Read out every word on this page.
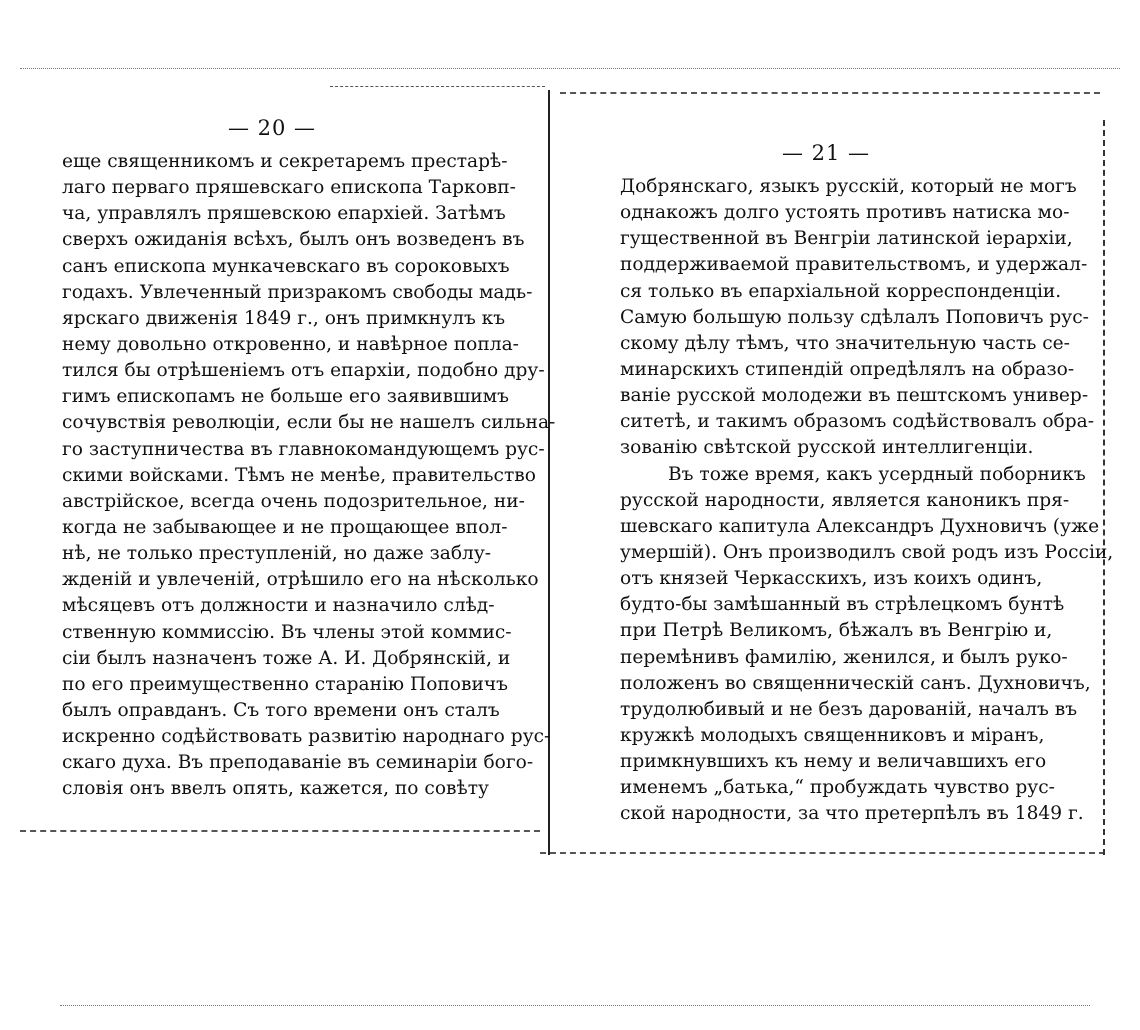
— 20 —
еще священникомъ и секретаремъ престарѣ-
лаго перваго пряшевскаго епископа Тарковп-
ча, управлялъ пряшевскою епархіей. Затѣмъ
сверхъ ожиданія всѣхъ, былъ онъ возведенъ въ
санъ епископа мункачевскаго въ сороковыхъ
годахъ. Увлеченный призракомъ свободы мадь-
ярскаго движенія 1849 г., онъ примкнулъ къ
нему довольно откровенно, и навѣрное попла-
тился бы отрѣшеніемъ отъ епархіи, подобно дру-
гимъ епископамъ не больше его заявившимъ
сочувствія революціи, если бы не нашелъ сильна-
го заступничества въ главнокомандующемъ рус-
скими войсками. Тѣмъ не менѣе, правительство
австрійское, всегда очень подозрительное, ни-
когда не забывающее и не прощающее впол-
нѣ, не только преступленій, но даже заблу-
жденій и увлеченій, отрѣшило его на нѣсколько
мѣсяцевъ отъ должности и назначило слѣд-
ственную коммиссію. Въ члены этой коммис-
сіи былъ назначенъ тоже А. И. Добрянскій, и
по его преимущественно старанію Поповичъ
былъ оправданъ. Съ того времени онъ сталъ
искренно содѣйствовать развитію народнаго рус-
скаго духа. Въ преподаваніе въ семинаріи бого-
словія онъ ввелъ опять, кажется, по совѣту
— 21 —
Добрянскаго, языкъ русскій, который не могъ
однакожъ долго устоять противъ натиска мо-
гущественной въ Венгріи латинской іерархіи,
поддерживаемой правительствомъ, и удержал-
ся только въ епархіальной корреспонденціи.
Самую большую пользу сдѣлалъ Поповичъ рус-
скому дѣлу тѣмъ, что значительную часть се-
минарскихъ стипендій опредѣлялъ на образо-
ваніе русской молодежи въ пештскомъ универ-
ситетѣ, и такимъ образомъ содѣйствовалъ обра-
зованію свѣтской русской интеллигенціи.
Въ тоже время, какъ усердный поборникъ
русской народности, является каноникъ пря-
шевскаго капитула Александръ Духновичъ (уже
умершій). Онъ производилъ свой родъ изъ Россіи,
отъ князей Черкасскихъ, изъ коихъ одинъ,
будто-бы замѣшанный въ стрѣлецкомъ бунтѣ
при Петрѣ Великомъ, бѣжалъ въ Венгрію и,
перемѣнивъ фамилію, женился, и былъ руко-
положенъ во священническій санъ. Духновичъ,
трудолюбивый и не безъ дарованій, началъ въ
кружкѣ молодыхъ священниковъ и міранъ,
примкнувшихъ къ нему и величавшихъ его
именемъ „батька,“ пробуждать чувство рус-
ской народности, за что претерпѣлъ въ 1849 г.
